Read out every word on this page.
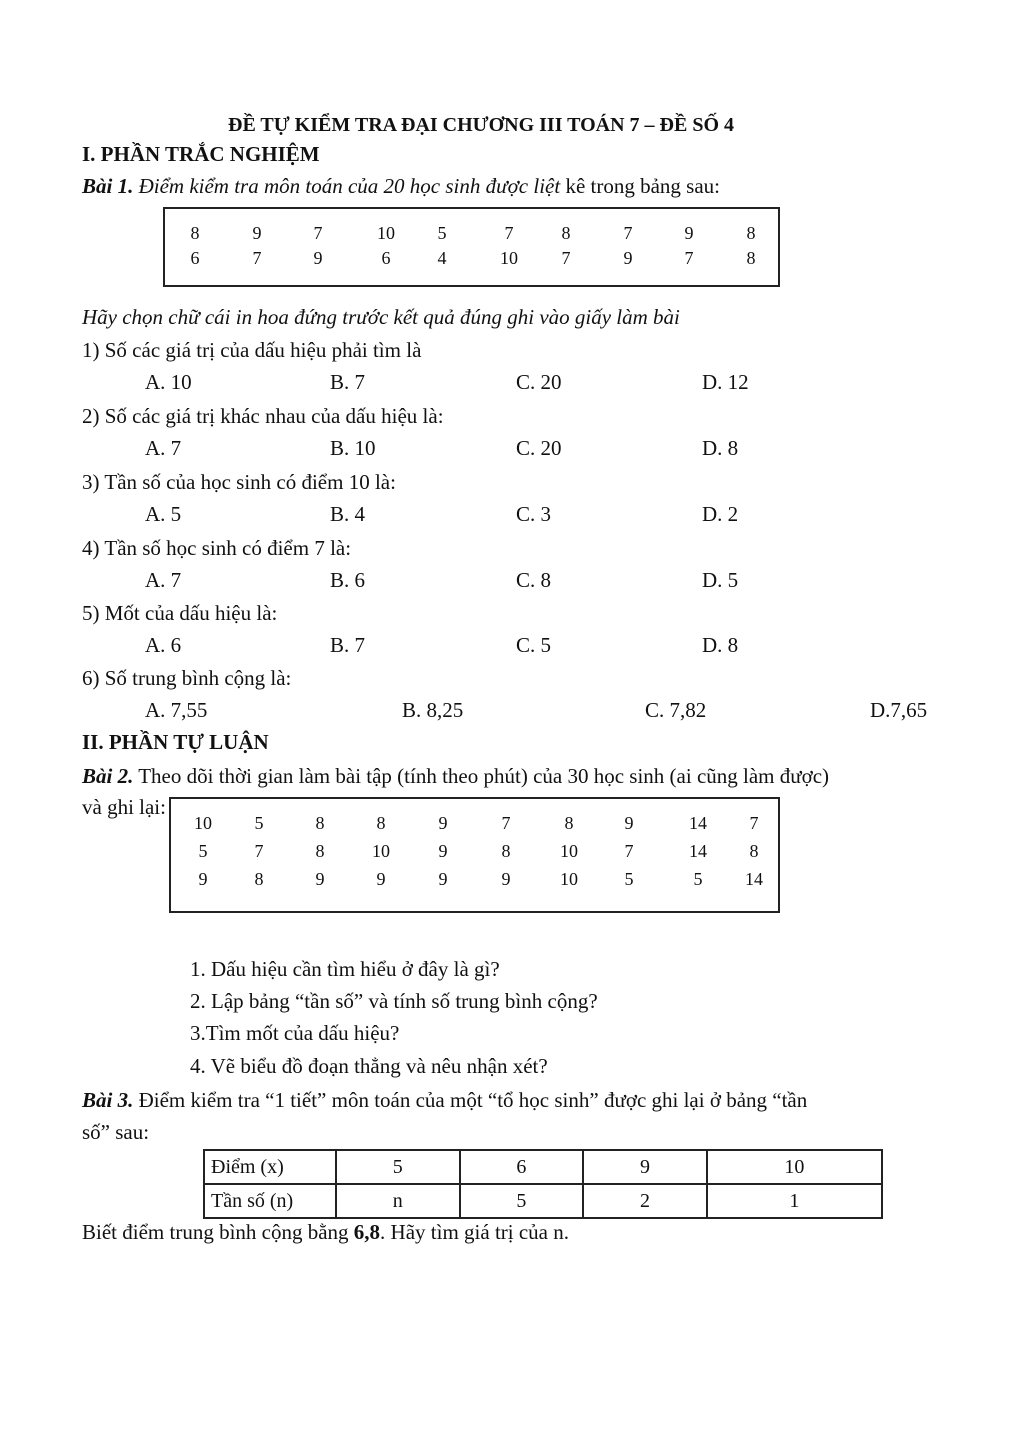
ĐỀ TỰ KIỂM TRA ĐẠI CHƯƠNG III TOÁN 7 – ĐỀ SỐ 4
I. PHẦN TRẮC NGHIỆM
Bài 1. Điểm kiểm tra môn toán của 20 học sinh được liệt kê trong bảng sau:
8	9	7	10	5	7	8	7	9	8
6	7	9	6	4	10	7	9	7	8
Hãy chọn chữ cái in hoa đứng trước kết quả đúng ghi vào giấy làm bài
1) Số các giá trị của dấu hiệu phải tìm là
A. 10	B. 7	C. 20	D. 12
2) Số các giá trị khác nhau của dấu hiệu là:
A. 7	B. 10	C. 20	D. 8
3) Tần số của học sinh có điểm 10 là:
A. 5	B. 4	C. 3	D. 2
4) Tần số học sinh có điểm 7 là:
A. 7	B. 6	C. 8	D. 5
5) Mốt của dấu hiệu là:
A. 6	B. 7	C. 5	D. 8
6) Số trung bình cộng là:
A. 7,55	B. 8,25	C. 7,82	D.7,65
II. PHẦN TỰ LUẬN
Bài 2. Theo dõi thời gian làm bài tập (tính theo phút) của 30 học sinh (ai cũng làm được)
và ghi lại:
10	5	8	8	9	7	8	9	14	7
5	7	8	10	9	8	10	7	14	8
9	8	9	9	9	9	10	5	5	14
1. Dấu hiệu cần tìm hiểu ở đây là gì?
2. Lập bảng “tần số” và tính số trung bình cộng?
3.Tìm mốt của dấu hiệu?
4. Vẽ biểu đồ đoạn thẳng và nêu nhận xét?
Bài 3. Điểm kiểm tra “1 tiết” môn toán của một “tổ học sinh” được ghi lại ở bảng “tần
số” sau:
Điểm (x)	5	6	9	10
Tần số (n)	n	5	2	1
Biết điểm trung bình cộng bằng 6,8. Hãy tìm giá trị của n.
